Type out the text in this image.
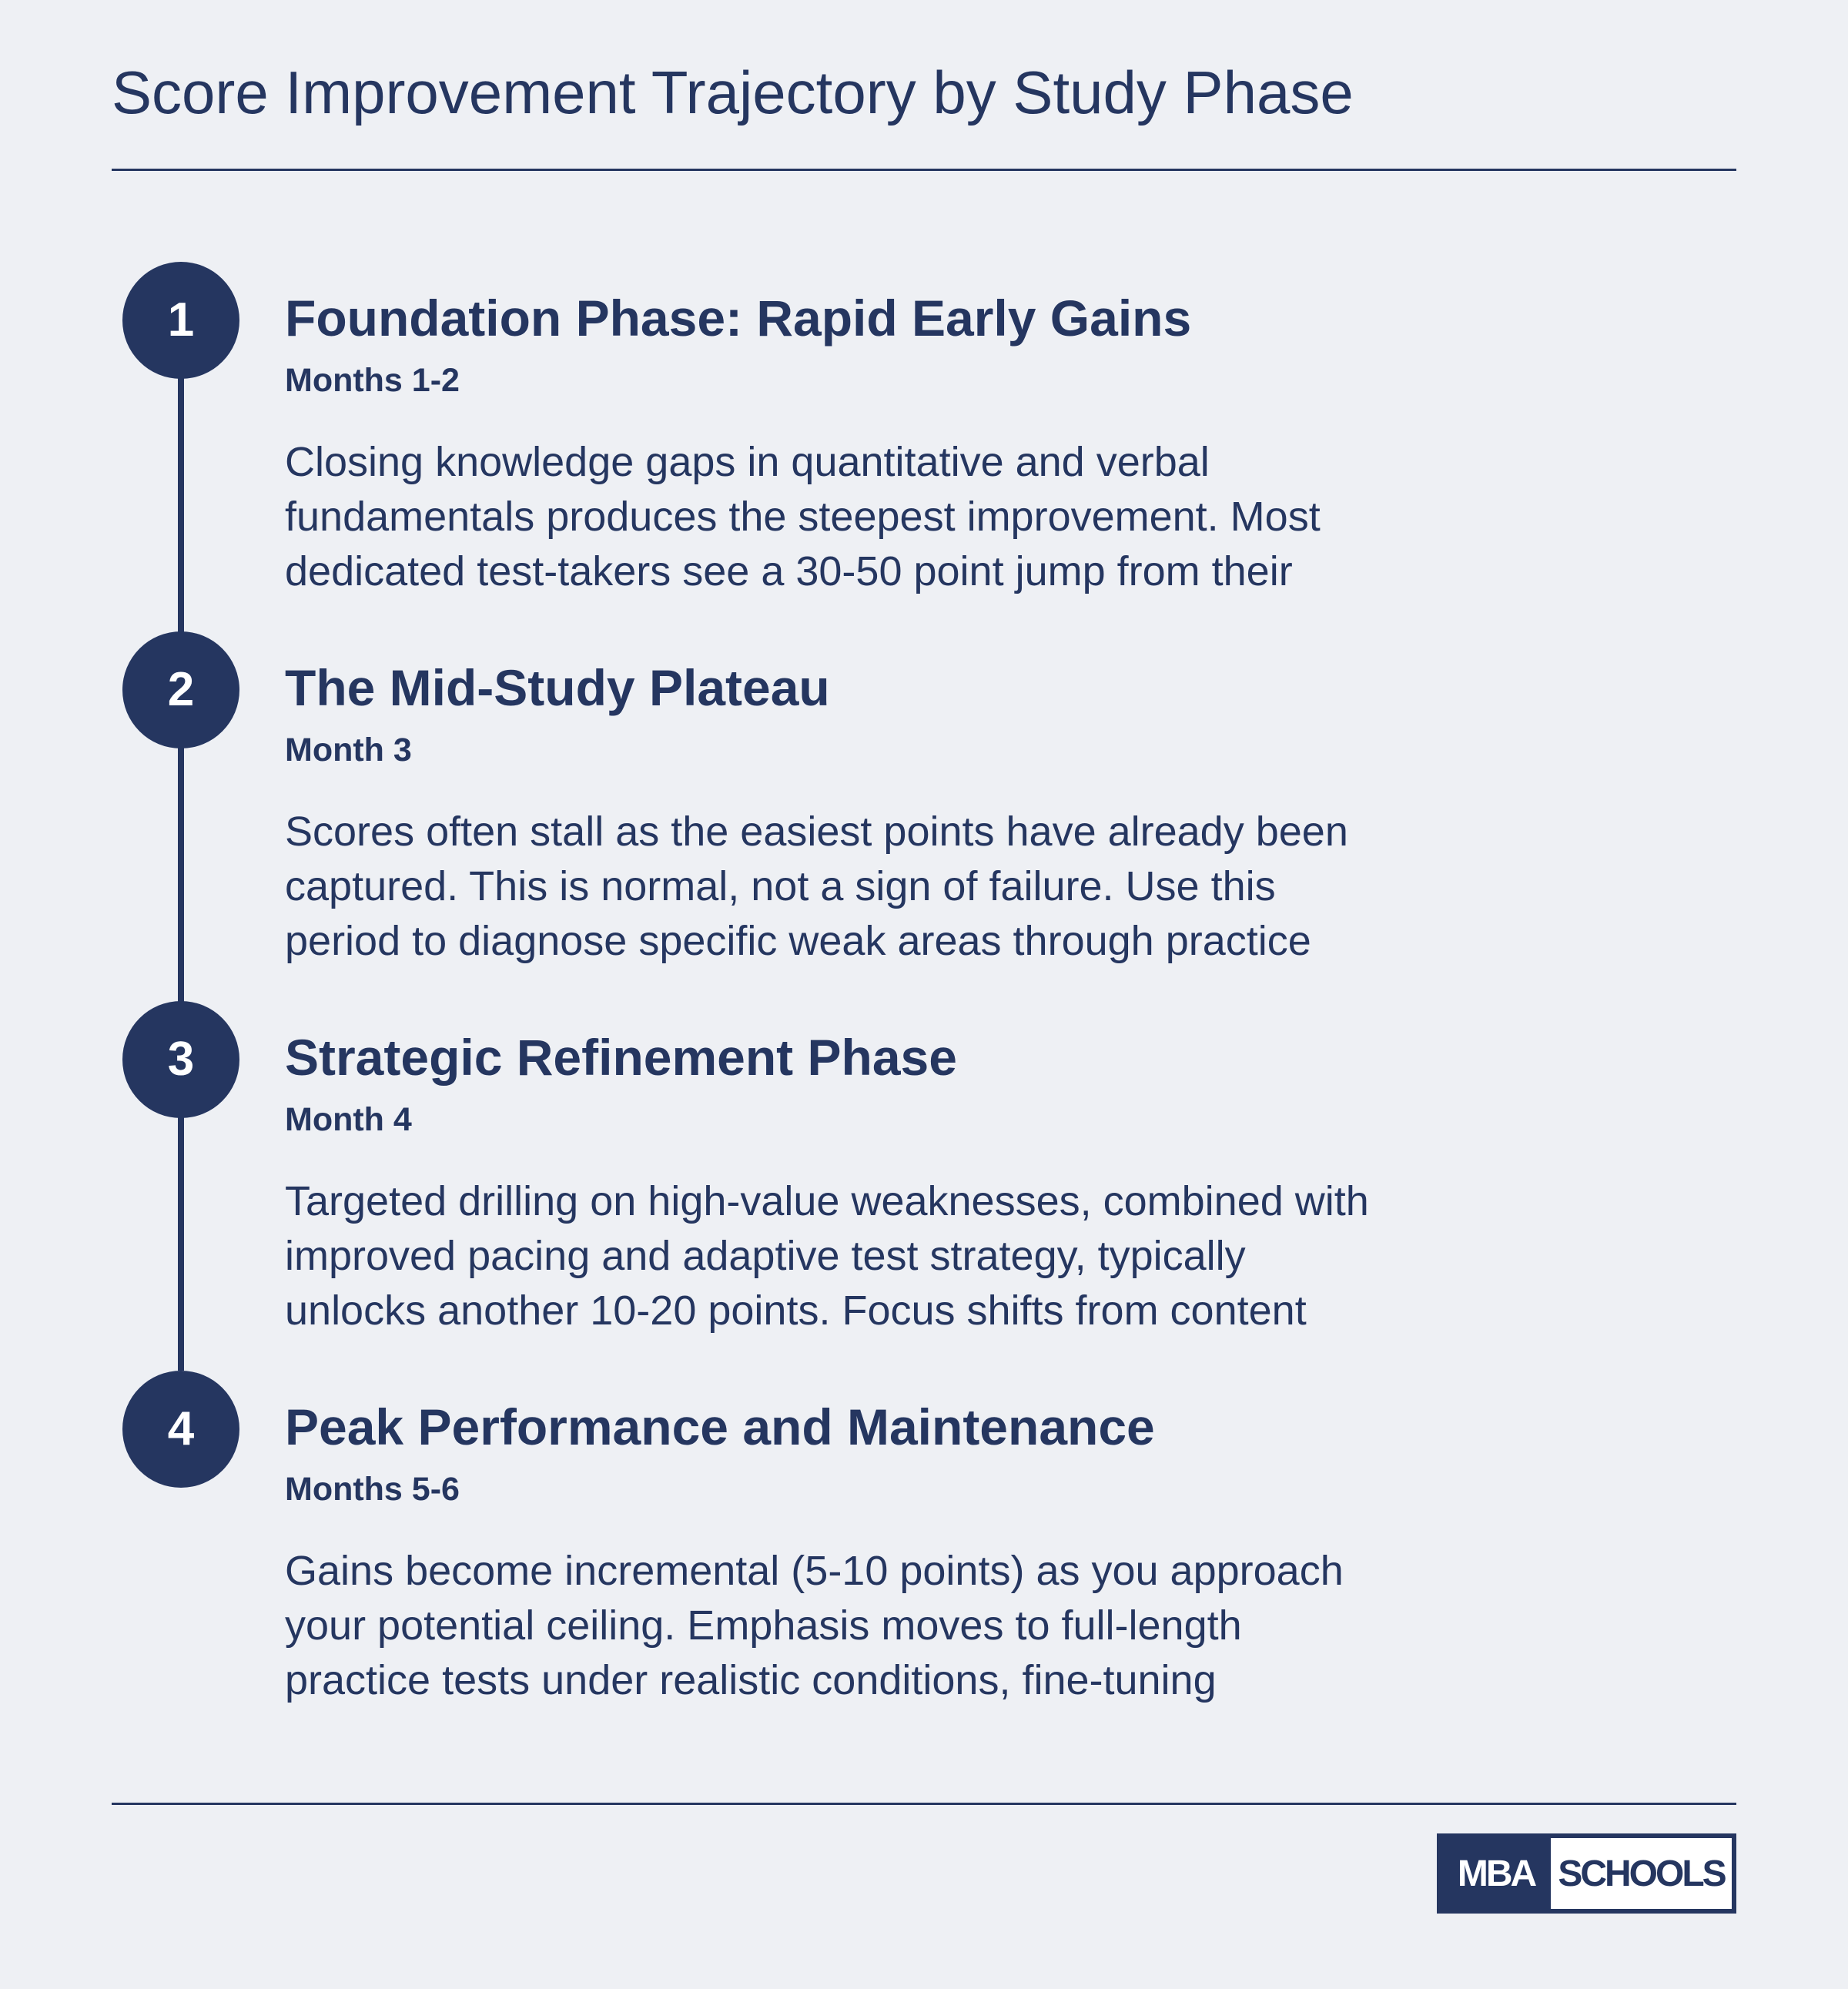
Score Improvement Trajectory by Study Phase
1	Foundation Phase: Rapid Early Gains
Months 1-2
Closing knowledge gaps in quantitative and verbal
fundamentals produces the steepest improvement. Most
dedicated test-takers see a 30-50 point jump from their
2	The Mid-Study Plateau
Month 3
Scores often stall as the easiest points have already been
captured. This is normal, not a sign of failure. Use this
period to diagnose specific weak areas through practice
3	Strategic Refinement Phase
Month 4
Targeted drilling on high-value weaknesses, combined with
improved pacing and adaptive test strategy, typically
unlocks another 10-20 points. Focus shifts from content
4	Peak Performance and Maintenance
Months 5-6
Gains become incremental (5-10 points) as you approach
your potential ceiling. Emphasis moves to full-length
practice tests under realistic conditions, fine-tuning
MBA SCHOOLS
